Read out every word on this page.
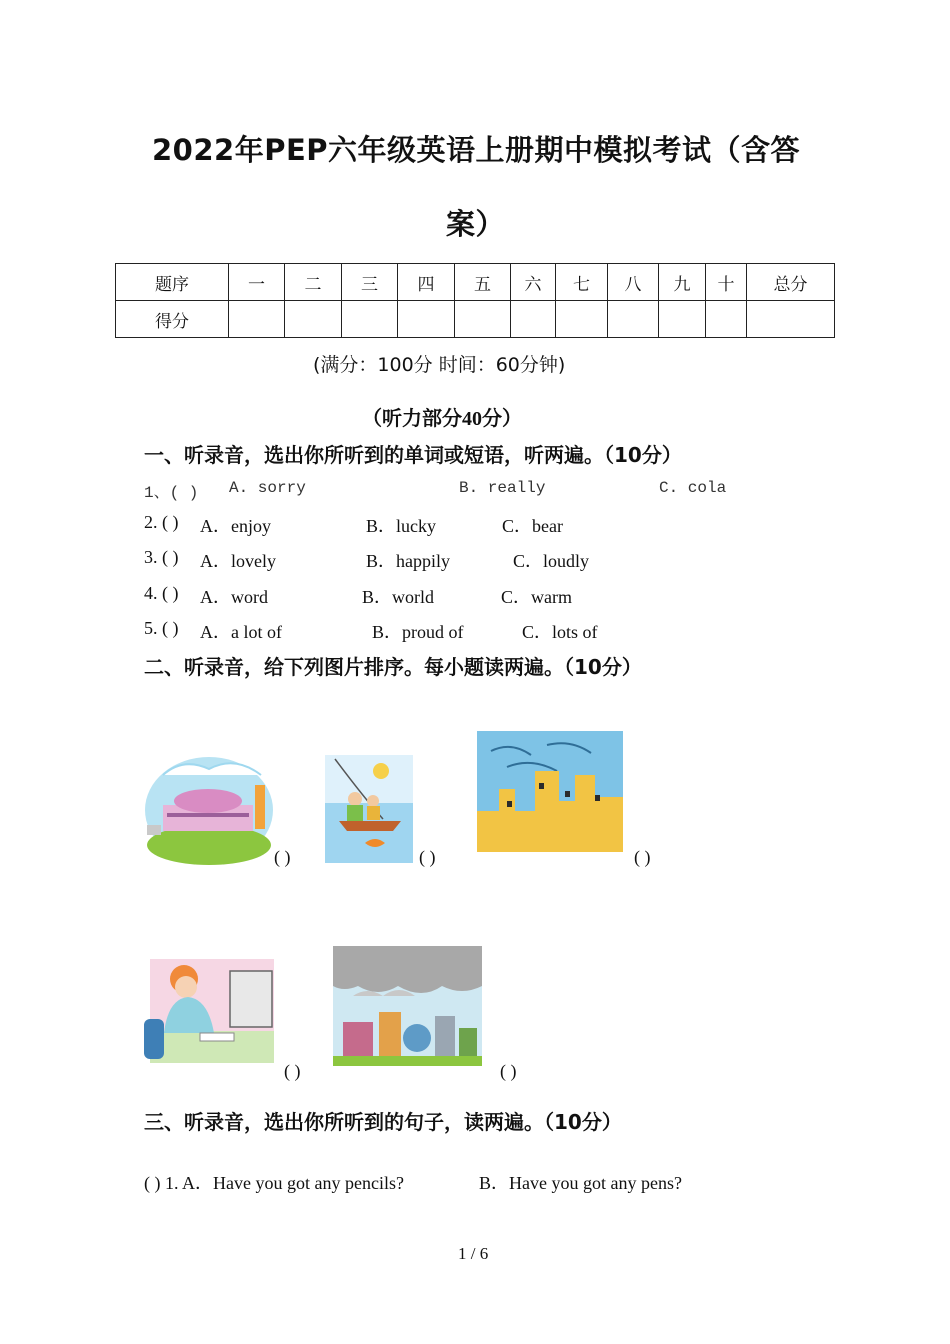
2022年PEP六年级英语上册期中模拟考试（含答
案）
题序	一	二	三	四	五	六	七	八	九	十	总分
得分											
(满分：100分 时间：60分钟)
（听力部分40分）
一、听录音，选出你所听到的单词或短语，听两遍。（10分）
1、( ) A. sorry	B. really	C. cola
2. ( ) A．enjoy	B．lucky	C．bear
3. ( ) A．lovely	B．happily	C．loudly
4. ( ) A．word	B．world	C．warm
5. ( ) A．a lot of	B．proud of	C．lots of
二、听录音，给下列图片排序。每小题读两遍。（10分）
( )	( )	( )
( )	( )
三、听录音，选出你所听到的句子，读两遍。（10分）
( ) 1. A．Have you got any pencils?	B．Have you got any pens?
1 / 6
